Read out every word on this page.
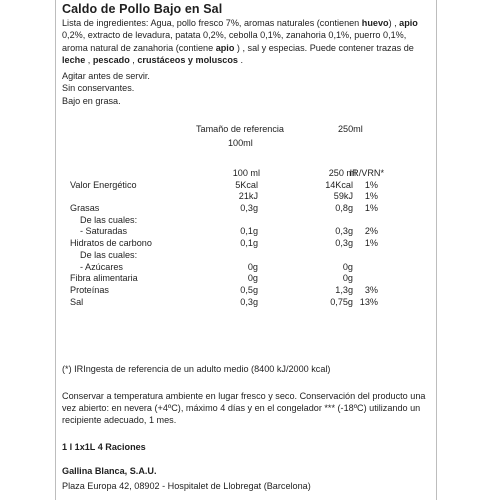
Caldo de Pollo Bajo en Sal
Lista de ingredientes: Agua, pollo fresco 7%, aromas naturales (contienen huevo) , apio 0,2%, extracto de levadura, patata 0,2%, cebolla 0,1%, zanahoria 0,1%, puerro 0,1%, aroma natural de zanahoria (contiene apio ) , sal y especias. Puede contener trazas de leche , pescado , crustáceos y moluscos .
Agitar antes de servir.
Sin conservantes.
Bajo en grasa.
Tamaño de referencia
100ml
250ml
100 ml	250 ml
IR/VRN*
Valor Energético	5Kcal	14Kcal 1%
21kJ	59kJ 1%
Grasas	0,3g	0,8g 1%
De las cuales:
- Saturadas	0,1g	0,3g 2%
Hidratos de carbono	0,1g	0,3g 1%
De las cuales:
- Azúcares	0g	0g
Fibra alimentaria	0g	0g
Proteínas	0,5g	1,3g 3%
Sal	0,3g	0,75g 13%
(*) IRIngesta de referencia de un adulto medio (8400 kJ/2000 kcal)
Conservar a temperatura ambiente en lugar fresco y seco. Conservación del producto una vez abierto: en nevera (+4ºC), máximo 4 días y en el congelador *** (-18ºC) utilizando un recipiente adecuado, 1 mes.
1 l 1x1L 4 Raciones
Gallina Blanca, S.A.U.
Plaza Europa 42, 08902 - Hospitalet de Llobregat (Barcelona)
